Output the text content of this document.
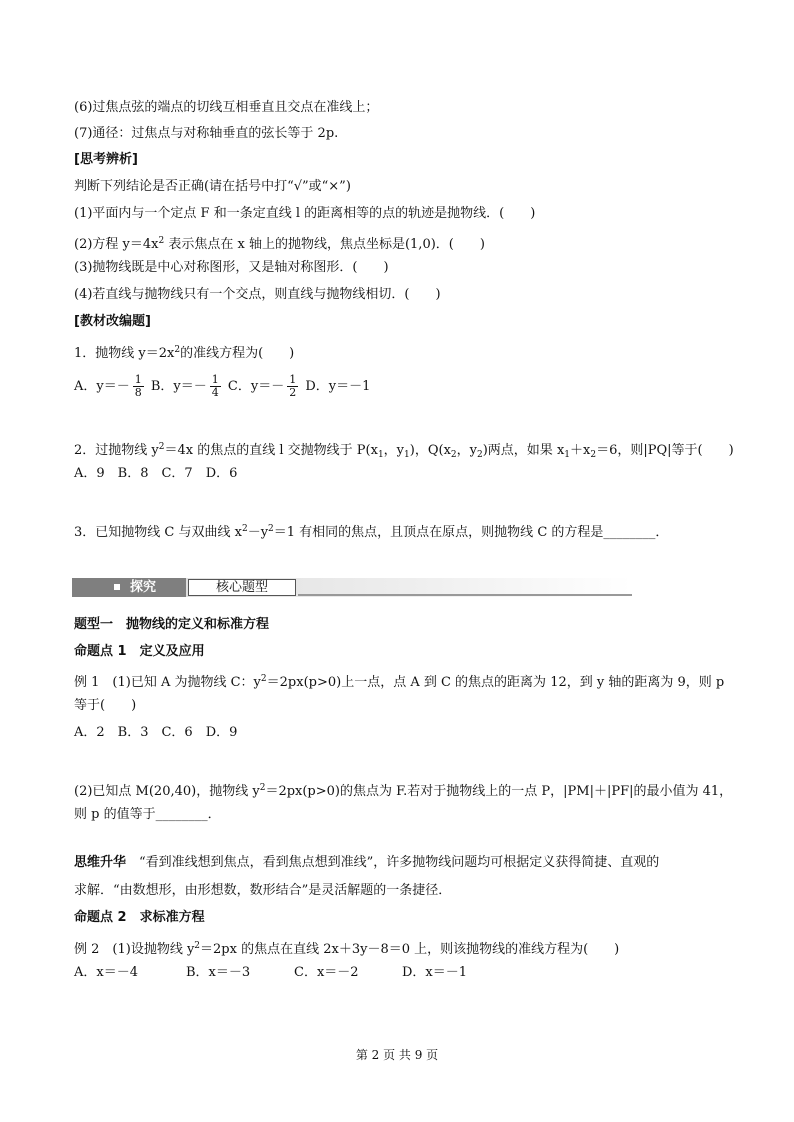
(6)过焦点弦的端点的切线互相垂直且交点在准线上；
(7)通径：过焦点与对称轴垂直的弦长等于 2p.
[思考辨析]
判断下列结论是否正确(请在括号中打“√”或“×”)
(1)平面内与一个定点 F 和一条定直线 l 的距离相等的点的轨迹是抛物线．(　　)
(2)方程 $y=4x^2$ 表示焦点在 x 轴上的抛物线，焦点坐标是(1,0)．(　　)
(3)抛物线既是中心对称图形，又是轴对称图形．(　　)
(4)若直线与抛物线只有一个交点，则直线与抛物线相切．(　　)
[教材改编题]
1．抛物线 $y=2x^2$的准线方程为(　　)
A．$y=- \frac{1}{8}$ B．$y=- \frac{1}{4}$ C．$y=- \frac{1}{2}$ D．y＝－1
2．过抛物线 $y^2=4x$ 的焦点的直线 l 交抛物线于 $P(x_1$，$y_1$)，$Q(x_2$，$y_2$)两点，如果 $x_1+x_2=6$，则|PQ|等于(　　)
A．9　B．8　C．7　D．6
3．已知抛物线 C 与双曲线 $x^2-y^2=1$ 有相同的焦点，且顶点在原点，则抛物线 C 的方程是________．
探究	核心题型
题型一　抛物线的定义和标准方程
命题点 1　定义及应用
例 1　(1)已知 A 为抛物线 C：$y^2=2px(p>0)$上一点，点 A 到 C 的焦点的距离为 12，到 y 轴的距离为 9，则 p
等于(　　)
A．2　B．3　C．6　D．9
(2)已知点 M(20,40)，抛物线 $y^2=2px(p>0)$的焦点为 F.若对于抛物线上的一点 P，|PM|＋|PF|的最小值为 41，
则 p 的值等于________．
思维升华　“看到准线想到焦点，看到焦点想到准线”，许多抛物线问题均可根据定义获得简捷、直观的
求解．“由数想形，由形想数，数形结合”是灵活解题的一条捷径．
命题点 2　求标准方程
例 2　(1)设抛物线 $y^2=2px$ 的焦点在直线 2x＋3y－8＝0 上，则该抛物线的准线方程为(　　)
A．x＝－4	B．x＝－3	C．x＝－2	D．x＝－1
第 2 页 共 9 页
